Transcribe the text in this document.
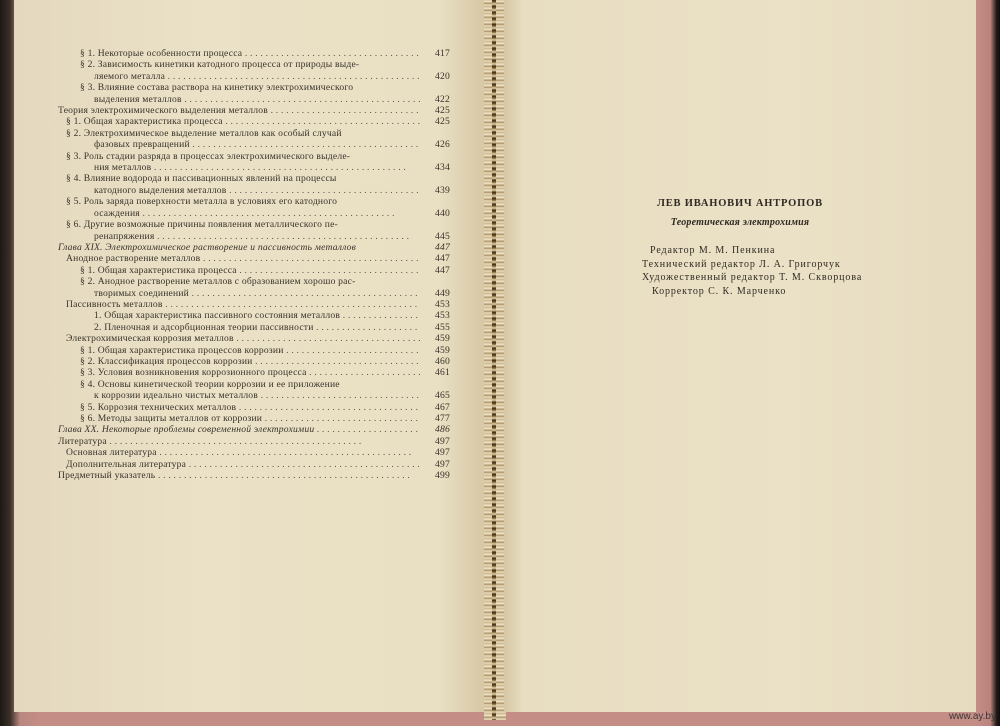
§ 1. Некоторые особенности процесса . . .	417
§ 2. Зависимость кинетики катодного процесса от природы выде-
ляемого металла . . .	420
§ 3. Влияние состава раствора на кинетику электрохимического
выделения металлов . . .	422
Теория электрохимического выделения металлов . . .	425
§ 1. Общая характеристика процесса . . .	425
§ 2. Электрохимическое выделение металлов как особый случай
фазовых превращений . . .	426
§ 3. Роль стадии разряда в процессах электрохимического выделе-
ния металлов . . .	434
§ 4. Влияние водорода и пассивационных явлений на процессы
катодного выделения металлов . . .	439
§ 5. Роль заряда поверхности металла в условиях его катодного
осаждения . . .	440
§ 6. Другие возможные причины появления металлического пе-
ренапряжения . . .	445
Глава XIX. Электрохимическое растворение и пассивность металлов	447
Анодное растворение металлов . . .	447
§ 1. Общая характеристика процесса . . .	447
§ 2. Анодное растворение металлов с образованием хорошо рас-
творимых соединений . . .	449
Пассивность металлов . . .	453
1. Общая характеристика пассивного состояния металлов . . .	453
2. Пленочная и адсорбционная теории пассивности . . .	455
Электрохимическая коррозия металлов . . .	459
§ 1. Общая характеристика процессов коррозии . . .	459
§ 2. Классификация процессов коррозии . . .	460
§ 3. Условия возникновения коррозионного процесса . . .	461
§ 4. Основы кинетической теории коррозии и ее приложение
к коррозии идеально чистых металлов . . .	465
§ 5. Коррозия технических металлов . . .	467
§ 6. Методы защиты металлов от коррозии . . .	477
Глава XX. Некоторые проблемы современной электрохимии . . .	486
Литература . . .	497
Основная литература . . .	497
Дополнительная литература . . .	497
Предметный указатель . . .	499
ЛЕВ ИВАНОВИЧ АНТРОПОВ
Теоретическая электрохимия
Редактор М. М. Пенкина
Технический редактор Л. А. Григорчук
Художественный редактор Т. М. Скворцова
Корректор С. К. Марченко
www.ay.by
